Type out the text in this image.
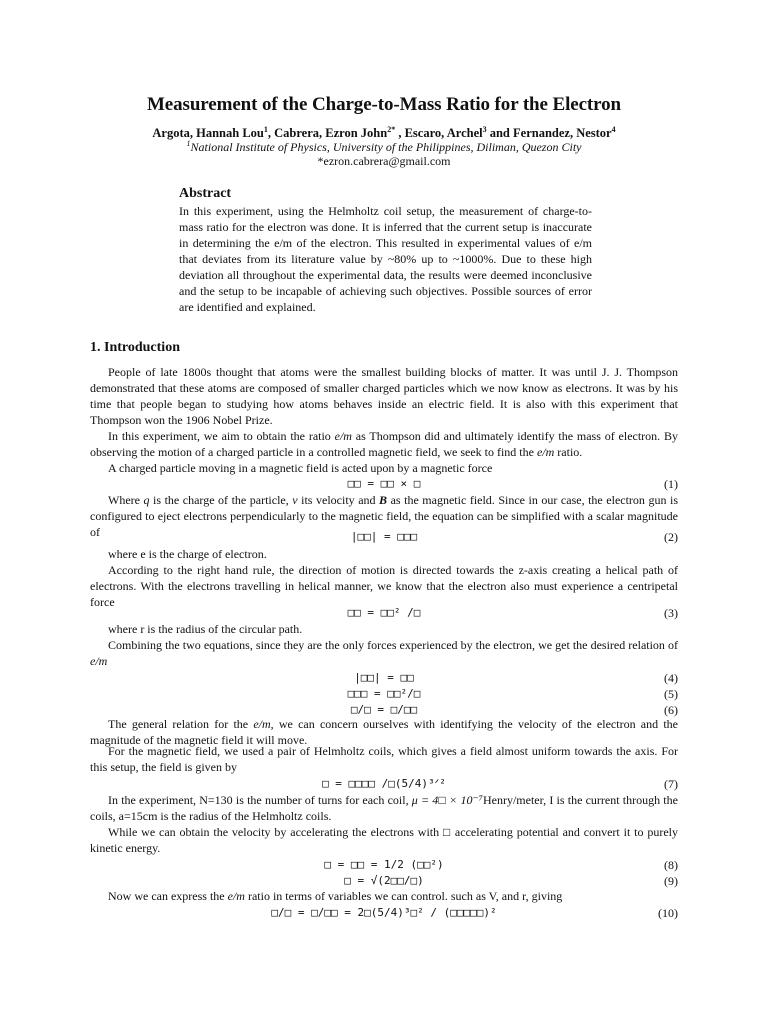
Measurement of the Charge-to-Mass Ratio for the Electron
Argota, Hannah Lou$^1$, Cabrera, Ezron John$^{2*}$ , Escaro, Archel$^3$ and Fernandez, Nestor$^4$
$^1$National Institute of Physics, University of the Philippines, Diliman, Quezon City
*ezron.cabrera@gmail.com
Abstract
In this experiment, using the Helmholtz coil setup, the measurement of charge-to-mass ratio for the electron was done. It is inferred that the current setup is inaccurate in determining the e/m of the electron. This resulted in experimental values of e/m that deviates from its literature value by ~80% up to ~1000%. Due to these high deviation all throughout the experimental data, the results were deemed inconclusive and the setup to be incapable of achieving such objectives. Possible sources of error are identified and explained.
1. Introduction
People of late 1800s thought that atoms were the smallest building blocks of matter. It was until J. J. Thompson demonstrated that these atoms are composed of smaller charged particles which we now know as electrons. It was by his time that people began to studying how atoms behaves inside an electric field. It is also with this experiment that Thompson won the 1906 Nobel Prize.
In this experiment, we aim to obtain the ratio e/m as Thompson did and ultimately identify the mass of electron. By observing the motion of a charged particle in a controlled magnetic field, we seek to find the e/m ratio.
A charged particle moving in a magnetic field is acted upon by a magnetic force
□□ = □□ × □	(1)
Where q is the charge of the particle, v its velocity and B as the magnetic field. Since in our case, the electron gun is configured to eject electrons perpendicularly to the magnetic field, the equation can be simplified with a scalar magnitude of	|□□| = □□□	(2)
where e is the charge of electron.
According to the right hand rule, the direction of motion is directed towards the z-axis creating a helical path of electrons. With the electrons travelling in helical manner, we know that the electron also must experience a centripetal force
□□ = □□² /□	(3)
where r is the radius of the circular path.
Combining the two equations, since they are the only forces experienced by the electron, we get the desired relation of e/m
|□□| = □□	(4)
□□□ = □□²/□	(5)
□/□ = □/□□	(6)
The general relation for the e/m, we can concern ourselves with identifying the velocity of the electron and the magnitude of the magnetic field it will move.
For the magnetic field, we used a pair of Helmholtz coils, which gives a field almost uniform towards the axis. For this setup, the field is given by
□ = □□□□ /□(5/4)³ᐟ²	(7)
In the experiment, N=130 is the number of turns for each coil, μ = 4□ × 10⁻⁷Henry/meter, I is the current through the coils, a=15cm is the radius of the Helmholtz coils.
While we can obtain the velocity by accelerating the electrons with □ accelerating potential and convert it to purely kinetic energy.
□ = □□ = 1/2 (□□²)	(8)
□ = √(2□□/□)	(9)
Now we can express the e/m ratio in terms of variables we can control. such as V, and r, giving
□/□ = □/□□ = 2□(5/4)³□² / (□□□□□)²	(10)
